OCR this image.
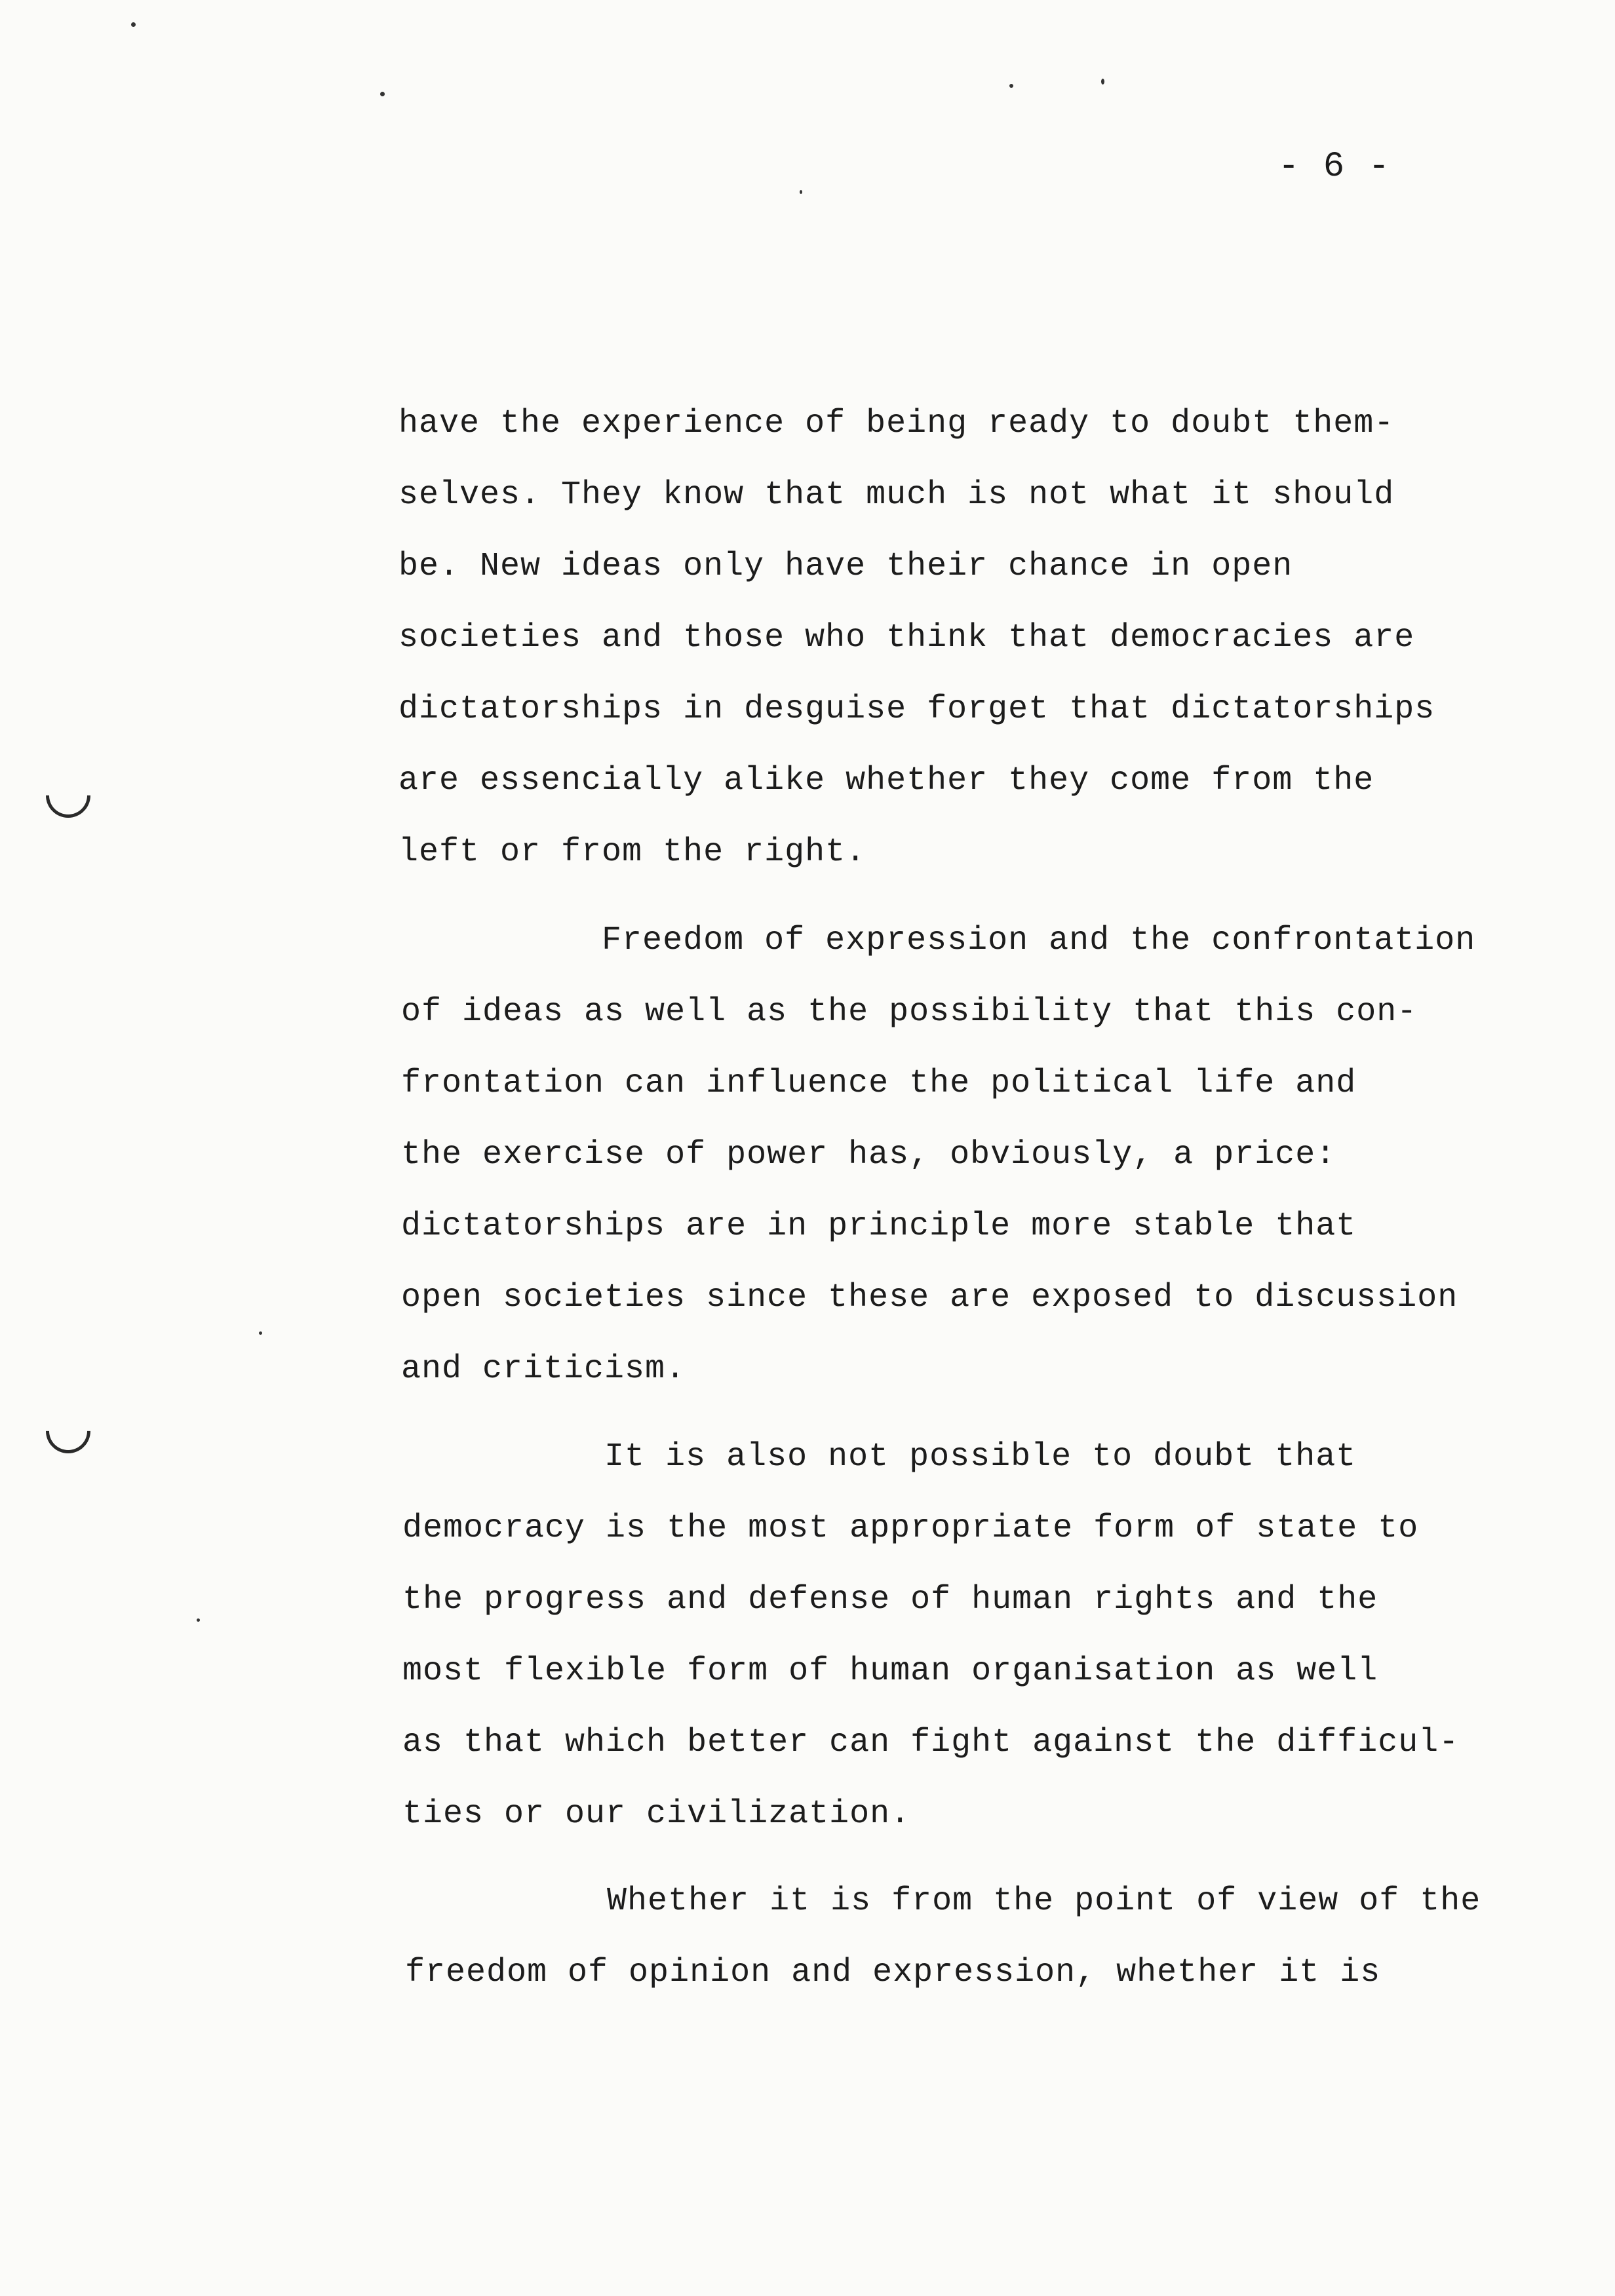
- 6 -
have the experience of being ready to doubt them-
selves. They know that much is not what it should
be. New ideas only have their chance in open
societies and those who think that democracies are
dictatorships in desguise forget that dictatorships
are essencially alike whether they come from the
left or from the right.
Freedom of expression and the confrontation
of ideas as well as the possibility that this con-
frontation can influence the political life and
the exercise of power has, obviously, a price:
dictatorships are in principle more stable that
open societies since these are exposed to discussion
and criticism.
It is also not possible to doubt that
democracy is the most appropriate form of state to
the progress and defense of human rights and the
most flexible form of human organisation as well
as that which better can fight against the difficul-
ties or our civilization.
Whether it is from the point of view of the
freedom of opinion and expression, whether it is
